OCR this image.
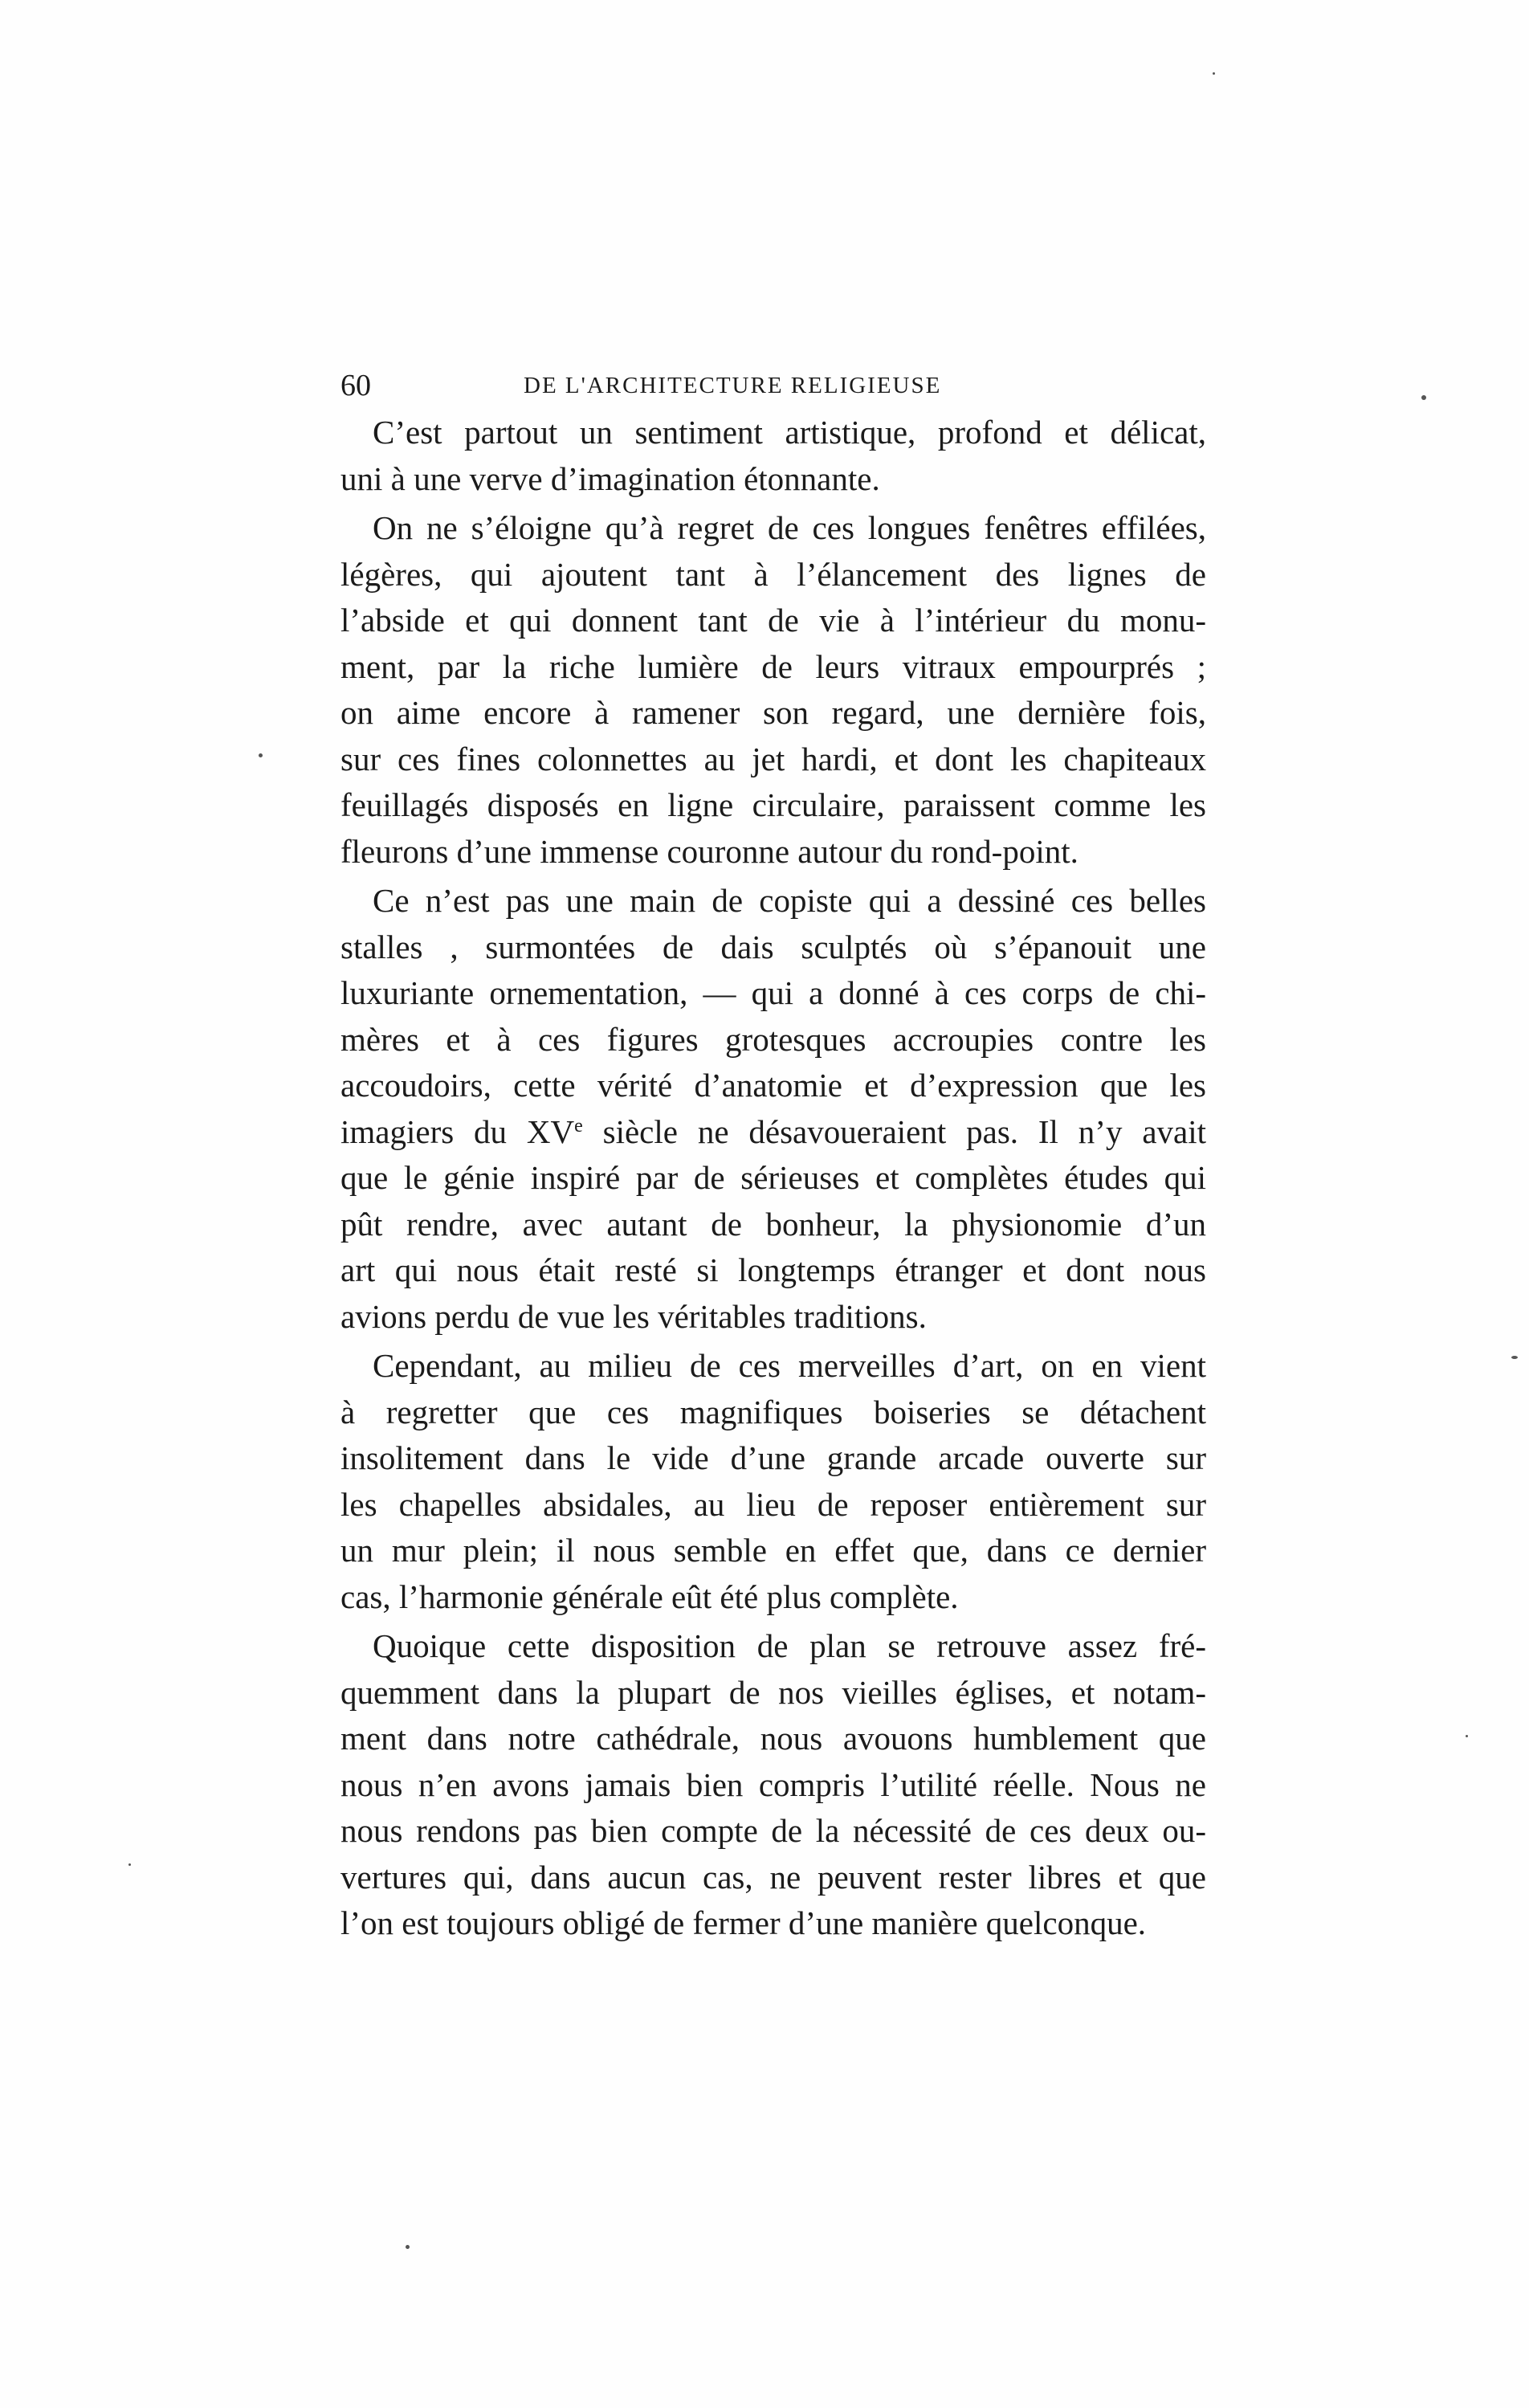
60	DE L'ARCHITECTURE RELIGIEUSE
C’est partout un sentiment artistique, profond et délicat,
uni à une verve d’imagination étonnante.
On ne s’éloigne qu’à regret de ces longues fenêtres effilées,
légères, qui ajoutent tant à l’élancement des lignes de
l’abside et qui donnent tant de vie à l’intérieur du monu-
ment, par la riche lumière de leurs vitraux empourprés ;
on aime encore à ramener son regard, une dernière fois,
sur ces fines colonnettes au jet hardi, et dont les chapiteaux
feuillagés disposés en ligne circulaire, paraissent comme les
fleurons d’une immense couronne autour du rond-point.
Ce n’est pas une main de copiste qui a dessiné ces belles
stalles , surmontées de dais sculptés où s’épanouit une
luxuriante ornementation, — qui a donné à ces corps de chi-
mères et à ces figures grotesques accroupies contre les
accoudoirs, cette vérité d’anatomie et d’expression que les
imagiers du XVe siècle ne désavoueraient pas. Il n’y avait
que le génie inspiré par de sérieuses et complètes études qui
pût rendre, avec autant de bonheur, la physionomie d’un
art qui nous était resté si longtemps étranger et dont nous
avions perdu de vue les véritables traditions.
Cependant, au milieu de ces merveilles d’art, on en vient
à regretter que ces magnifiques boiseries se détachent
insolitement dans le vide d’une grande arcade ouverte sur
les chapelles absidales, au lieu de reposer entièrement sur
un mur plein; il nous semble en effet que, dans ce dernier
cas, l’harmonie générale eût été plus complète.
Quoique cette disposition de plan se retrouve assez fré-
quemment dans la plupart de nos vieilles églises, et notam-
ment dans notre cathédrale, nous avouons humblement que
nous n’en avons jamais bien compris l’utilité réelle. Nous ne
nous rendons pas bien compte de la nécessité de ces deux ou-
vertures qui, dans aucun cas, ne peuvent rester libres et que
l’on est toujours obligé de fermer d’une manière quelconque.
